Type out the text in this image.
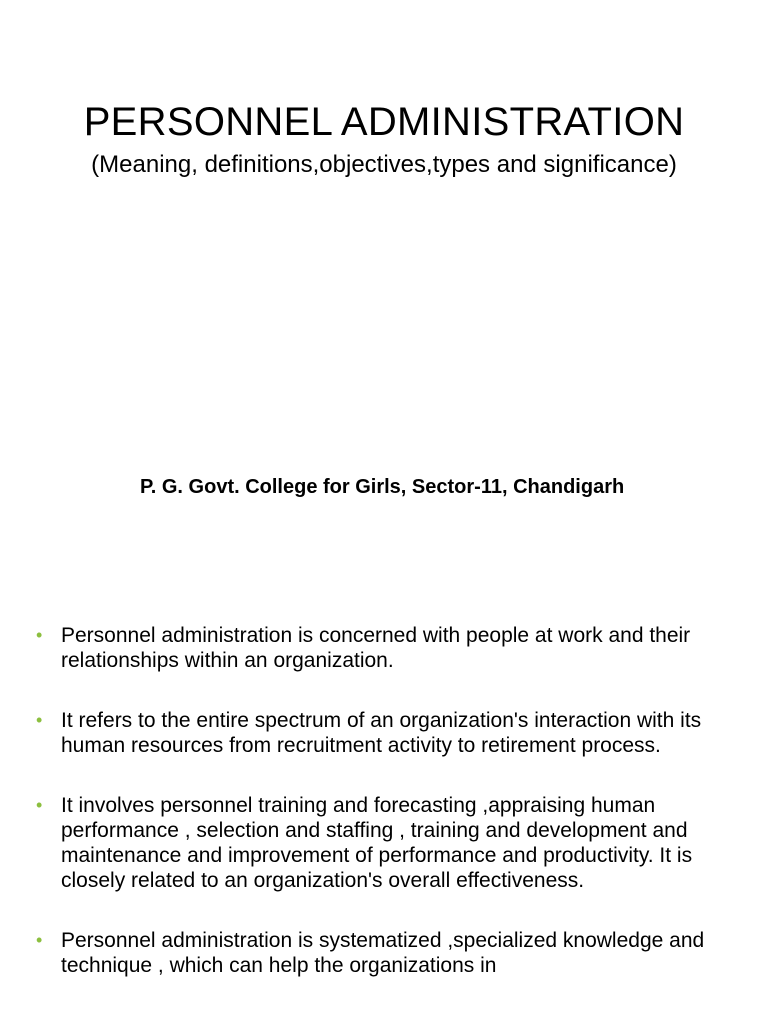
PERSONNEL ADMINISTRATION
(Meaning, definitions,objectives,types and significance)
P. G. Govt. College for Girls, Sector-11, Chandigarh
• Personnel administration is concerned with people at work and their relationships within an organization.
• It refers to the entire spectrum of an organization's interaction with its human resources from recruitment activity to retirement process.
• It involves personnel training and forecasting ,appraising human performance , selection and staffing , training and development and maintenance and improvement of performance and productivity. It is closely related to an organization's overall effectiveness.
• Personnel administration is systematized ,specialized knowledge and technique , which can help the organizations in
